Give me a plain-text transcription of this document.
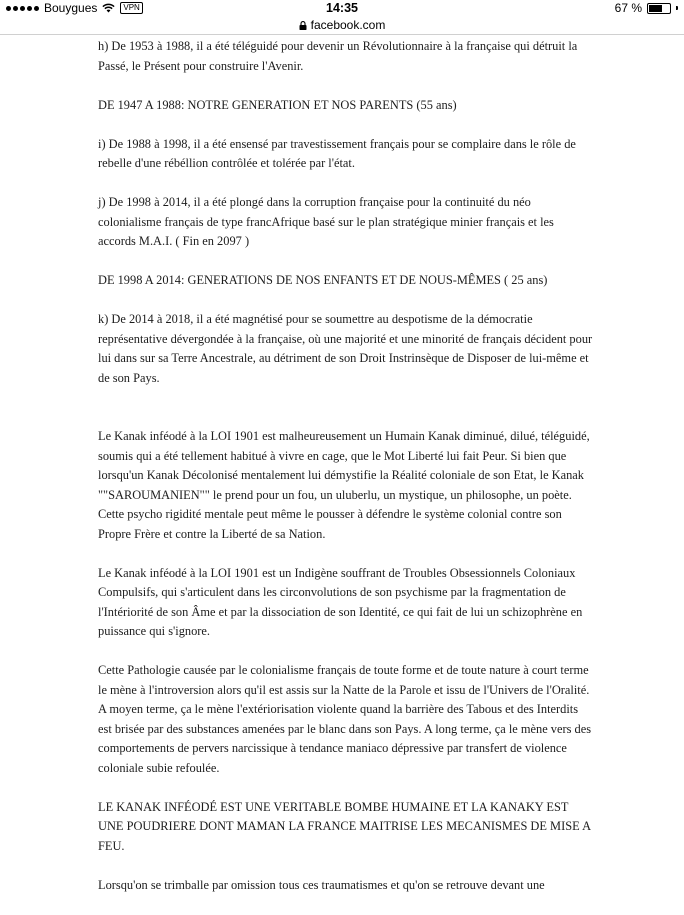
Bouygues	VPN	14:35	67 %
facebook.com

h) De 1953 à 1988, il a été téléguidé pour devenir un Révolutionnaire à la française qui détruit la Passé, le Présent pour construire l'Avenir.

DE 1947 A 1988: NOTRE GENERATION ET NOS PARENTS (55 ans)

i) De 1988 à 1998, il a été ensensé par travestissement français pour se complaire dans le rôle de rebelle d'une rébéllion contrôlée et tolérée par l'état.

j) De 1998 à 2014, il a été plongé dans la corruption française pour la continuité du néo colonialisme français de type francAfrique basé sur le plan stratégique minier français et les accords M.A.I. ( Fin en 2097 )

DE 1998 A 2014: GENERATIONS DE NOS ENFANTS ET DE NOUS-MÊMES ( 25 ans)

k) De 2014 à 2018, il a été magnétisé pour se soumettre au despotisme de la démocratie représentative dévergondée à la française, où une majorité et une minorité de français décident pour lui dans sur sa Terre Ancestrale, au détriment de son Droit Instrinsèque de Disposer de lui-même et de son Pays.

Le Kanak inféodé à la LOI 1901 est malheureusement un Humain Kanak diminué, dilué, téléguidé, soumis qui a été tellement habitué à vivre en cage, que le Mot Liberté lui fait Peur. Si bien que lorsqu'un Kanak Décolonisé mentalement lui démystifie la Réalité coloniale de son Etat, le Kanak ""SAROUMANIEN"" le prend pour un fou, un uluberlu, un mystique, un philosophe, un poète. Cette psycho rigidité mentale peut même le pousser à défendre le système colonial contre son Propre Frère et contre la Liberté de sa Nation.

Le Kanak inféodé à la LOI 1901 est un Indigène souffrant de Troubles Obsessionnels Coloniaux Compulsifs, qui s'articulent dans les circonvolutions de son psychisme par la fragmentation de l'Intériorité de son Âme et par la dissociation de son Identité, ce qui fait de lui un schizophrène en puissance qui s'ignore.

Cette Pathologie causée par le colonialisme français de toute forme et de toute nature à court terme le mène à l'introversion alors qu'il est assis sur la Natte de la Parole et issu de l'Univers de l'Oralité. A moyen terme, ça le mène l'extériorisation violente quand la barrière des Tabous et des Interdits est brisée par des substances amenées par le blanc dans son Pays. A long terme, ça le mène vers des comportements de pervers narcissique à tendance maniaco dépressive par transfert de violence coloniale subie refoulée.

LE KANAK INFÉODÉ EST UNE VERITABLE BOMBE HUMAINE ET LA KANAKY EST UNE POUDRIERE DONT MAMAN LA FRANCE MAITRISE LES MECANISMES DE MISE A FEU.

Lorsqu'on se trimballe par omission tous ces traumatismes et qu'on se retrouve devant une
